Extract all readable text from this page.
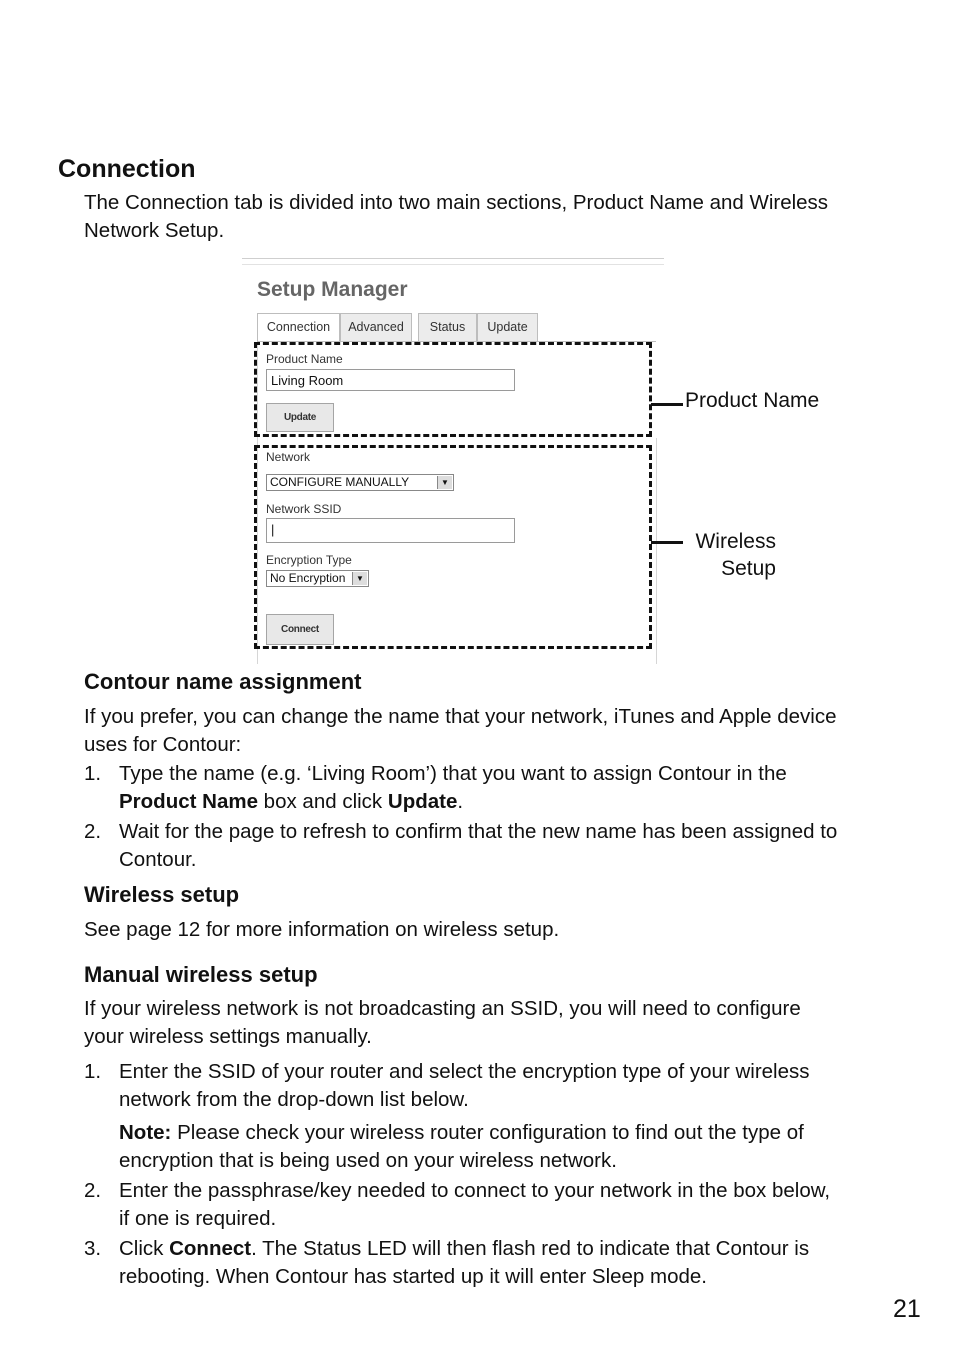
Connection
The Connection tab is divided into two main sections, Product Name and Wireless
Network Setup.
Setup Manager
Connection	Advanced	Status	Update
Product Name
Living Room
Update
Network
CONFIGURE MANUALLY	▼
Network SSID
|
Encryption Type
No Encryption	▼
Connect
Product Name
Wireless
Setup
Contour name assignment
If you prefer, you can change the name that your network, iTunes and Apple device
uses for Contour:
1. Type the name (e.g. ‘Living Room’) that you want to assign Contour in the
Product Name box and click Update.
2. Wait for the page to refresh to confirm that the new name has been assigned to
Contour.
Wireless setup
See page 12 for more information on wireless setup.
Manual wireless setup
If your wireless network is not broadcasting an SSID, you will need to configure
your wireless settings manually.
1. Enter the SSID of your router and select the encryption type of your wireless
network from the drop-down list below.
Note: Please check your wireless router configuration to find out the type of
encryption that is being used on your wireless network.
2. Enter the passphrase/key needed to connect to your network in the box below,
if one is required.
3. Click Connect. The Status LED will then flash red to indicate that Contour is
rebooting. When Contour has started up it will enter Sleep mode.
21
